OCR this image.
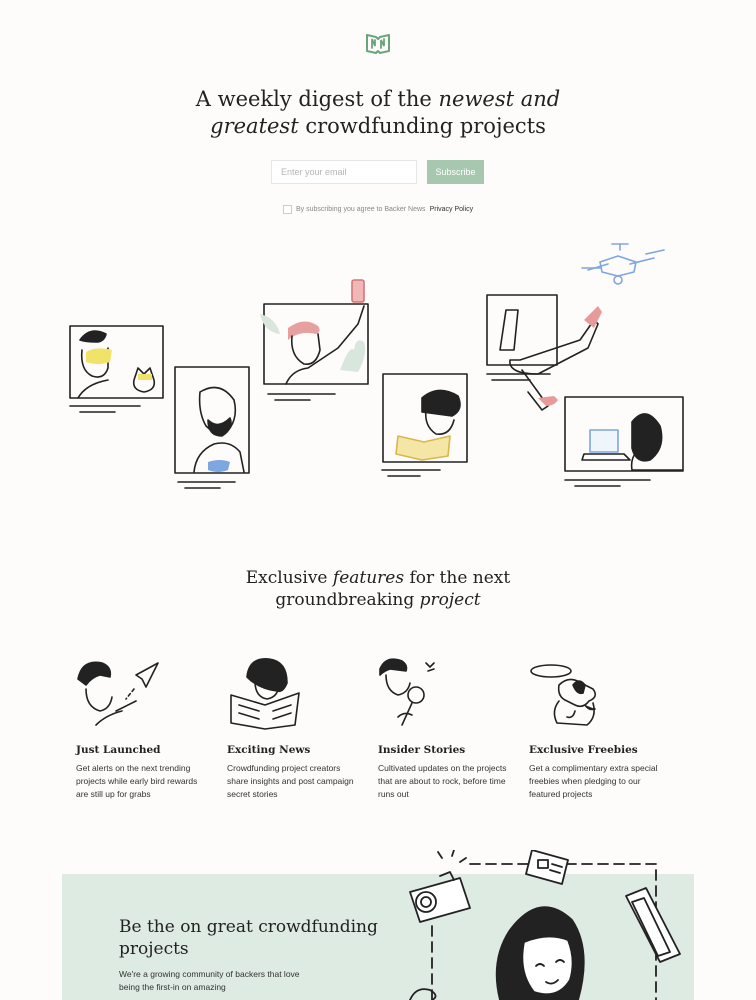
A weekly digest of the newest and
greatest crowdfunding projects
Enter your email
Subscribe
By subscribing you agree to Backer News Privacy Policy
Exclusive features for the next
groundbreaking project
Just Launched

Get alerts on the next trending projects while early bird rewards are still up for grabs

Exciting News

Crowdfunding project creators share insights and post campaign secret stories

Insider Stories

Cultivated updates on the projects that are about to rock, before time runs out

Exclusive Freebies

Get a complimentary extra special freebies when pledging to our featured projects

Be the on great crowdfunding projects

We're a growing community of backers that love being the first-in on amazing
